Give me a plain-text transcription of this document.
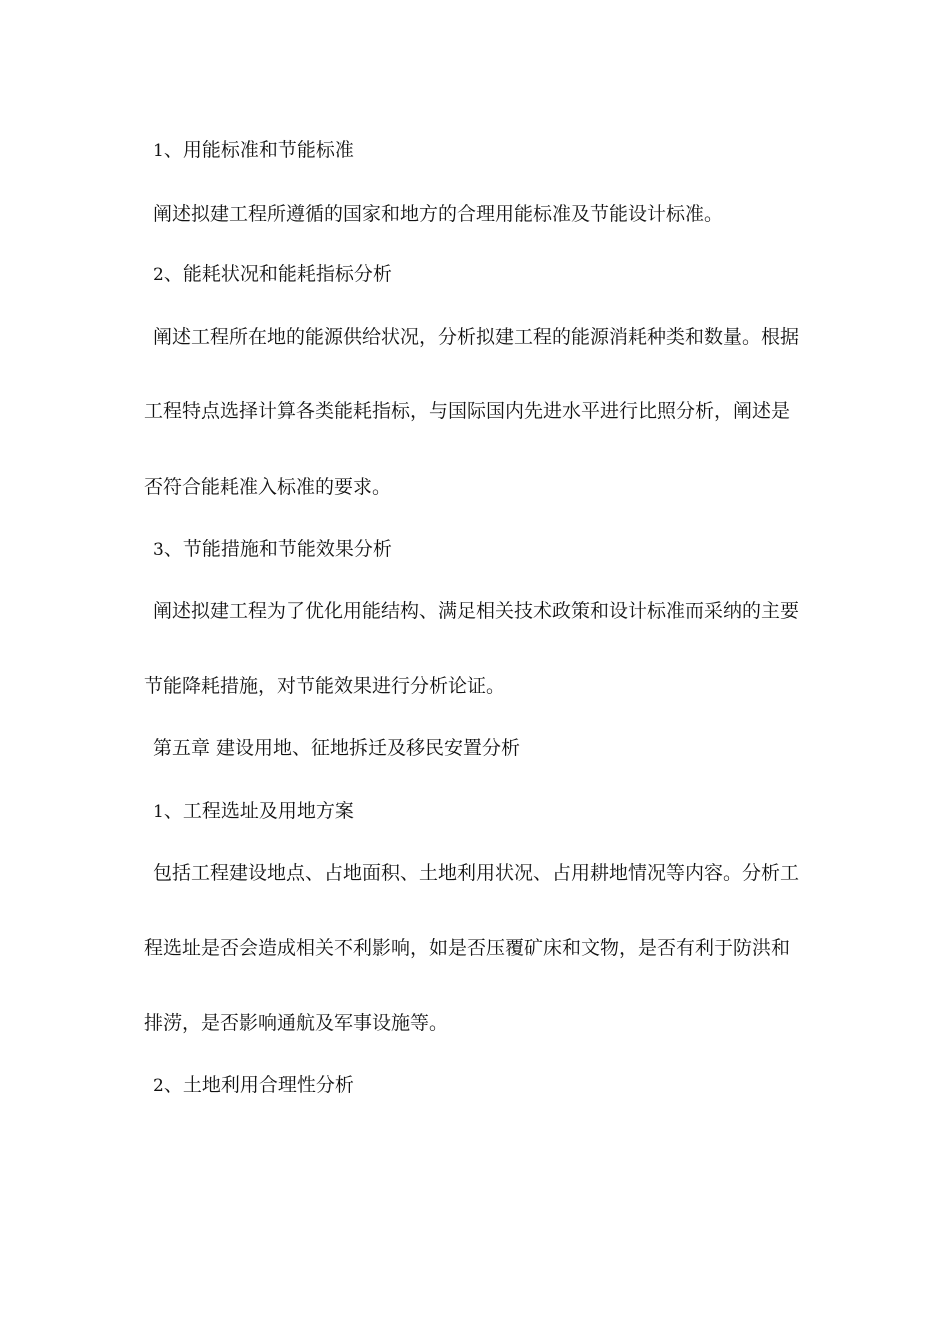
1、用能标准和节能标准
阐述拟建工程所遵循的国家和地方的合理用能标准及节能设计标准。
2、能耗状况和能耗指标分析
阐述工程所在地的能源供给状况，分析拟建工程的能源消耗种类和数量。根据
工程特点选择计算各类能耗指标，与国际国内先进水平进行比照分析，阐述是
否符合能耗准入标准的要求。
3、节能措施和节能效果分析
阐述拟建工程为了优化用能结构、满足相关技术政策和设计标准而采纳的主要
节能降耗措施，对节能效果进行分析论证。
第五章 建设用地、征地拆迁及移民安置分析
1、工程选址及用地方案
包括工程建设地点、占地面积、土地利用状况、占用耕地情况等内容。分析工
程选址是否会造成相关不利影响，如是否压覆矿床和文物，是否有利于防洪和
排涝，是否影响通航及军事设施等。
2、土地利用合理性分析
